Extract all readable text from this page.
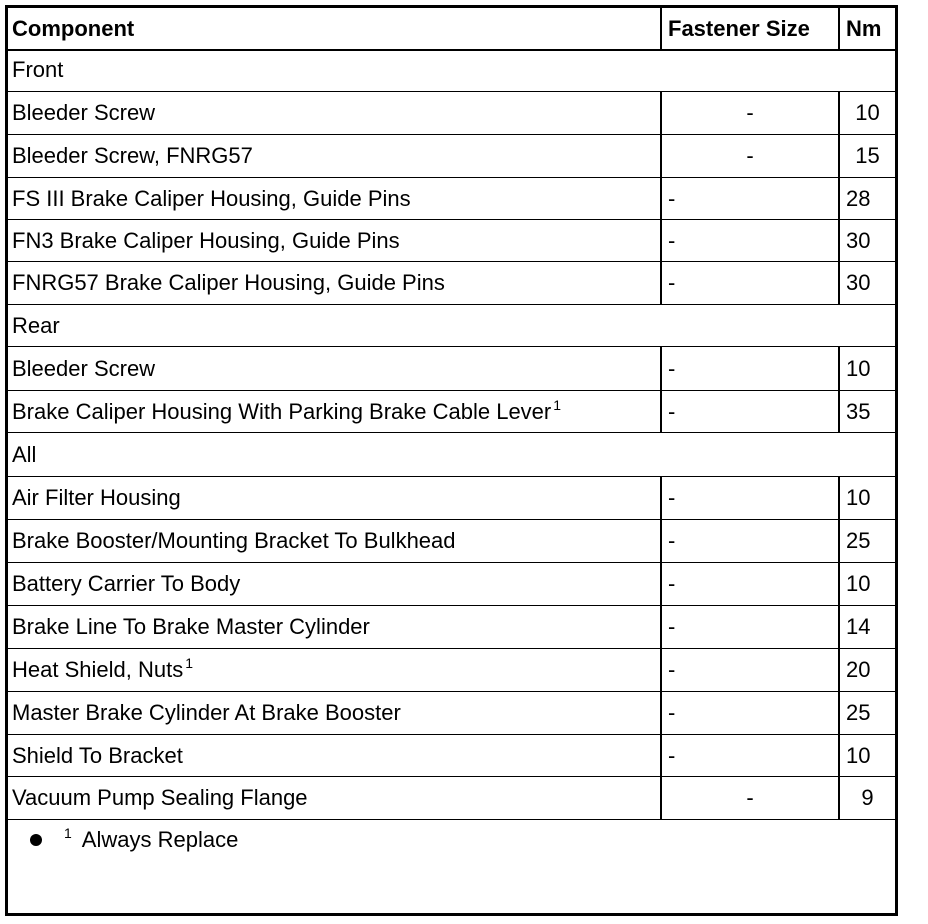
Component	Fastener Size	Nm
Front
Bleeder Screw	-	10
Bleeder Screw, FNRG57	-	15
FS III Brake Caliper Housing, Guide Pins	-	28
FN3 Brake Caliper Housing, Guide Pins	-	30
FNRG57 Brake Caliper Housing, Guide Pins	-	30
Rear
Bleeder Screw	-	10
Brake Caliper Housing With Parking Brake Cable Lever$^1$	-	35
All
Air Filter Housing	-	10
Brake Booster/Mounting Bracket To Bulkhead	-	25
Battery Carrier To Body	-	10
Brake Line To Brake Master Cylinder	-	14
Heat Shield, Nuts$^1$	-	20
Master Brake Cylinder At Brake Booster	-	25
Shield To Bracket	-	10
Vacuum Pump Sealing Flange	-	9
1 Always Replace
